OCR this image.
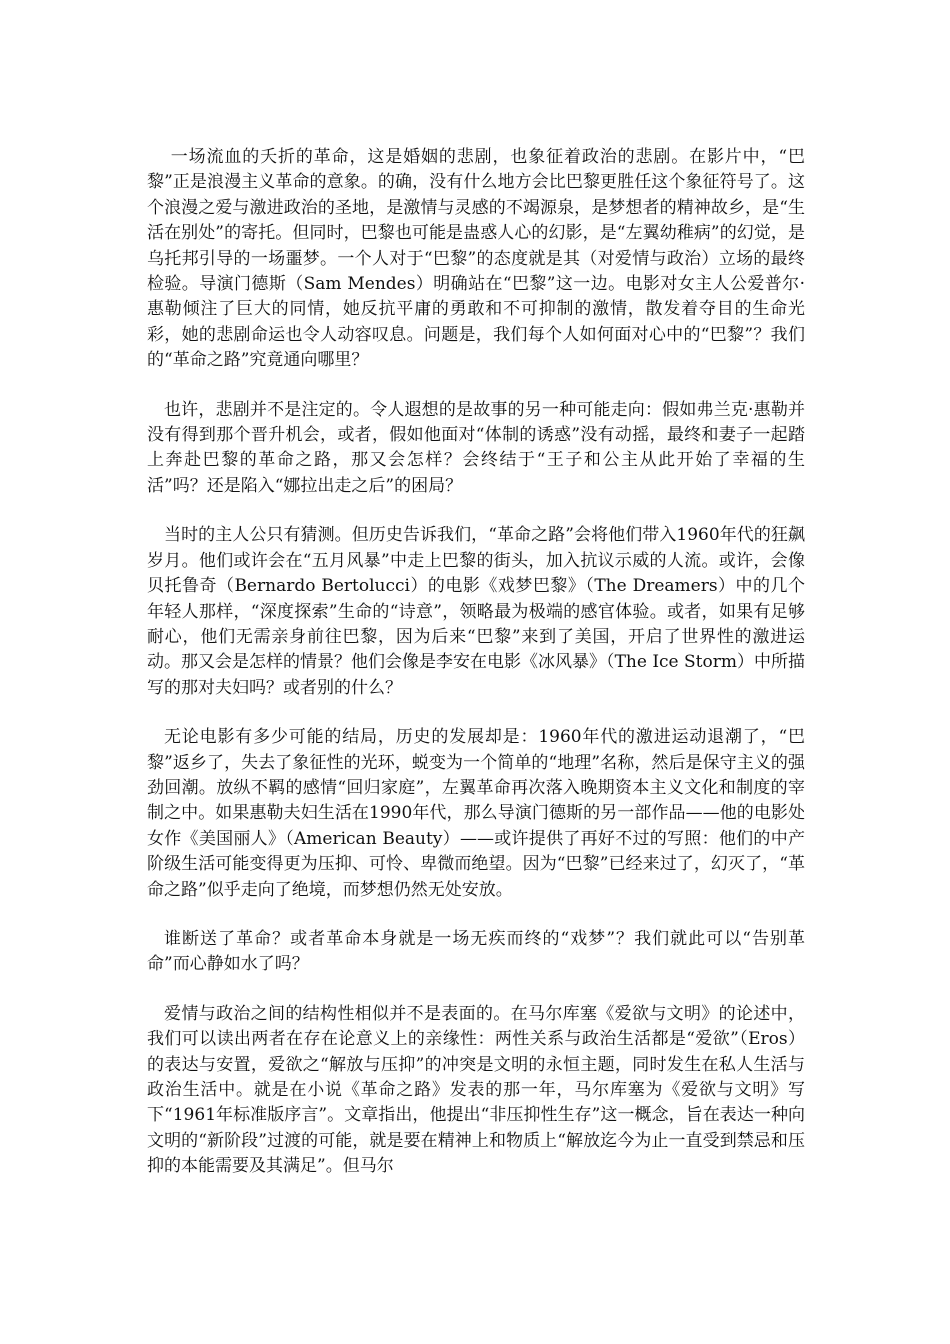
一场流血的夭折的革命，这是婚姻的悲剧，也象征着政治的悲剧。在影片中，“巴黎”正是浪漫主义革命的意象。的确，没有什么地方会比巴黎更胜任这个象征符号了。这个浪漫之爱与激进政治的圣地，是激情与灵感的不竭源泉，是梦想者的精神故乡，是“生活在别处”的寄托。但同时，巴黎也可能是蛊惑人心的幻影，是“左翼幼稚病”的幻觉，是乌托邦引导的一场噩梦。一个人对于“巴黎”的态度就是其（对爱情与政治）立场的最终检验。导演门德斯（Sam Mendes）明确站在“巴黎”这一边。电影对女主人公爱普尔·惠勒倾注了巨大的同情，她反抗平庸的勇敢和不可抑制的激情，散发着夺目的生命光彩，她的悲剧命运也令人动容叹息。问题是，我们每个人如何面对心中的“巴黎”？我们的“革命之路”究竟通向哪里？

也许，悲剧并不是注定的。令人遐想的是故事的另一种可能走向：假如弗兰克·惠勒并没有得到那个晋升机会，或者，假如他面对“体制的诱惑”没有动摇，最终和妻子一起踏上奔赴巴黎的革命之路，那又会怎样？会终结于“王子和公主从此开始了幸福的生活”吗？还是陷入“娜拉出走之后”的困局？

当时的主人公只有猜测。但历史告诉我们，“革命之路”会将他们带入1960年代的狂飙岁月。他们或许会在“五月风暴”中走上巴黎的街头，加入抗议示威的人流。或许，会像贝托鲁奇（Bernardo Bertolucci）的电影《戏梦巴黎》（The Dreamers）中的几个年轻人那样，“深度探索”生命的“诗意”，领略最为极端的感官体验。或者，如果有足够耐心，他们无需亲身前往巴黎，因为后来“巴黎”来到了美国，开启了世界性的激进运动。那又会是怎样的情景？他们会像是李安在电影《冰风暴》（The Ice Storm）中所描写的那对夫妇吗？或者别的什么？

无论电影有多少可能的结局，历史的发展却是：1960年代的激进运动退潮了，“巴黎”返乡了，失去了象征性的光环，蜕变为一个简单的“地理”名称，然后是保守主义的强劲回潮。放纵不羁的感情“回归家庭”，左翼革命再次落入晚期资本主义文化和制度的宰制之中。如果惠勒夫妇生活在1990年代，那么导演门德斯的另一部作品——他的电影处女作《美国丽人》（American Beauty）——或许提供了再好不过的写照：他们的中产阶级生活可能变得更为压抑、可怜、卑微而绝望。因为“巴黎”已经来过了，幻灭了，“革命之路”似乎走向了绝境，而梦想仍然无处安放。

谁断送了革命？或者革命本身就是一场无疾而终的“戏梦”？我们就此可以“告别革命”而心静如水了吗？

爱情与政治之间的结构性相似并不是表面的。在马尔库塞《爱欲与文明》的论述中，我们可以读出两者在存在论意义上的亲缘性：两性关系与政治生活都是“爱欲”（Eros）的表达与安置，爱欲之“解放与压抑”的冲突是文明的永恒主题，同时发生在私人生活与政治生活中。就是在小说《革命之路》发表的那一年，马尔库塞为《爱欲与文明》写下“1961年标准版序言”。文章指出，他提出“非压抑性生存”这一概念，旨在表达一种向文明的“新阶段”过渡的可能，就是要在精神上和物质上“解放迄今为止一直受到禁忌和压抑的本能需要及其满足”。但马尔
